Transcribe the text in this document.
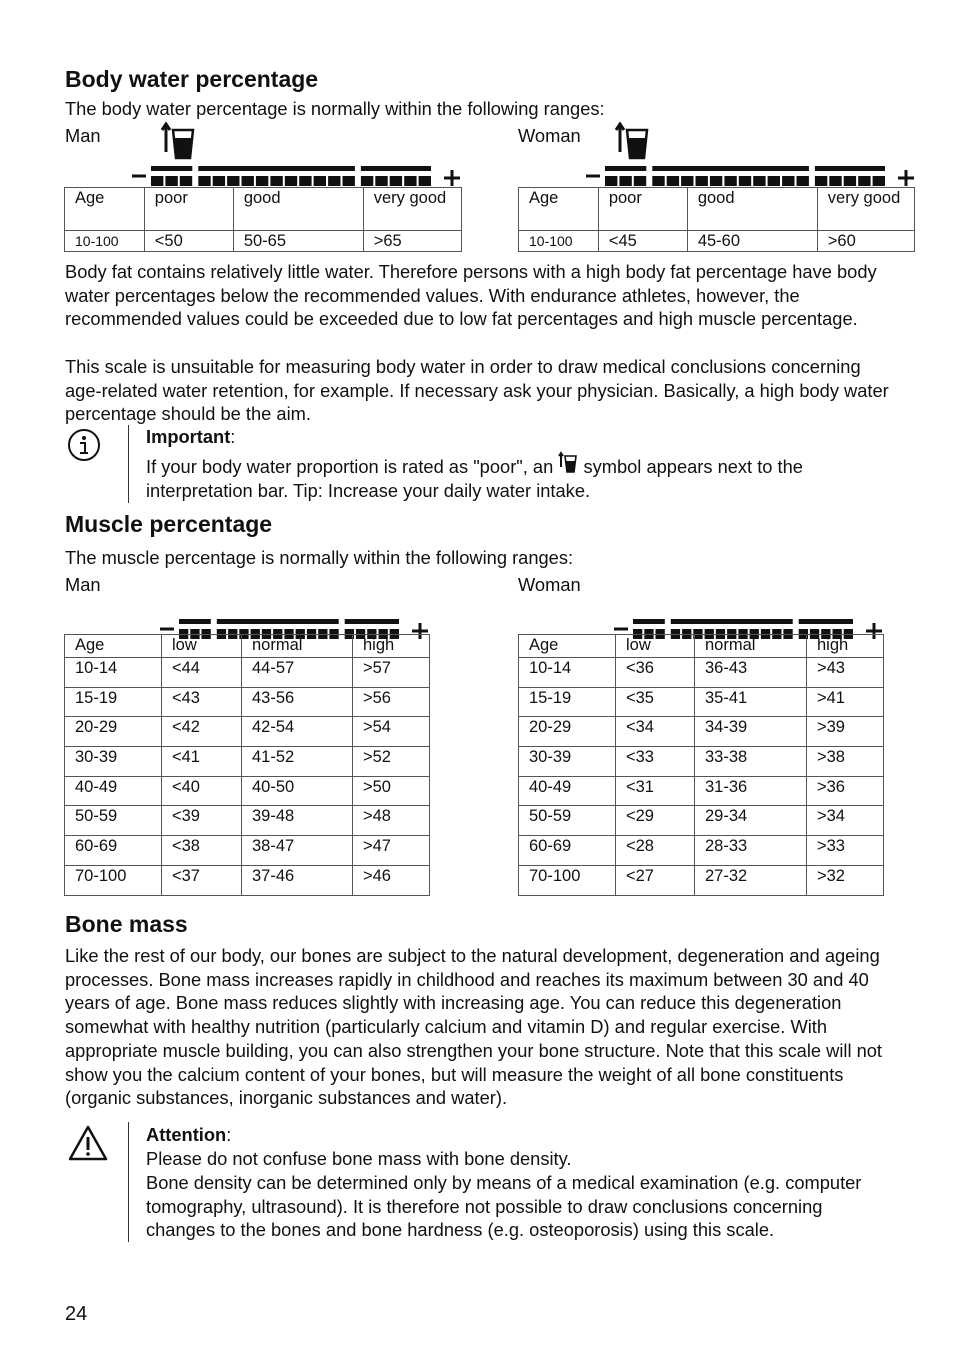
Body water percentage

The body water percentage is normally within the following ranges:

Man	Woman
Age	poor	good	very good
10-100	<50	50-65	>65
Age	poor	good	very good
10-100	<45	45-60	>60

Body fat contains relatively little water. Therefore persons with a high body fat percentage have body water percentages below the recommended values. With endurance athletes, however, the recommended values could be exceeded due to low fat percentages and high muscle percentage.

This scale is unsuitable for measuring body water in order to draw medical conclusions concerning age-related water retention, for example. If necessary ask your physician. Basically, a high body water percentage should be the aim.

Important:
If your body water proportion is rated as "poor", an symbol appears next to the interpretation bar. Tip: Increase your daily water intake.
Muscle percentage

The muscle percentage is normally within the following ranges:

Man	Woman
Age	low	normal	high
10-14	<44	44-57	>57
15-19	<43	43-56	>56
20-29	<42	42-54	>54
30-39	<41	41-52	>52
40-49	<40	40-50	>50
50-59	<39	39-48	>48
60-69	<38	38-47	>47
70-100	<37	37-46	>46
Age	low	normal	high
10-14	<36	36-43	>43
15-19	<35	35-41	>41
20-29	<34	34-39	>39
30-39	<33	33-38	>38
40-49	<31	31-36	>36
50-59	<29	29-34	>34
60-69	<28	28-33	>33
70-100	<27	27-32	>32
Bone mass

Like the rest of our body, our bones are subject to the natural development, degeneration and ageing processes. Bone mass increases rapidly in childhood and reaches its maximum between 30 and 40 years of age. Bone mass reduces slightly with increasing age. You can reduce this degeneration somewhat with healthy nutrition (particularly calcium and vitamin D) and regular exercise. With appropriate muscle building, you can also strengthen your bone structure. Note that this scale will not show you the calcium content of your bones, but will measure the weight of all bone constituents (organic substances, inorganic substances and water).

Attention:

Please do not confuse bone mass with bone density.

Bone density can be determined only by means of a medical examination (e.g. computer tomography, ultrasound). It is therefore not possible to draw conclusions concerning changes to the bones and bone hardness (e.g. osteoporosis) using this scale.

24
